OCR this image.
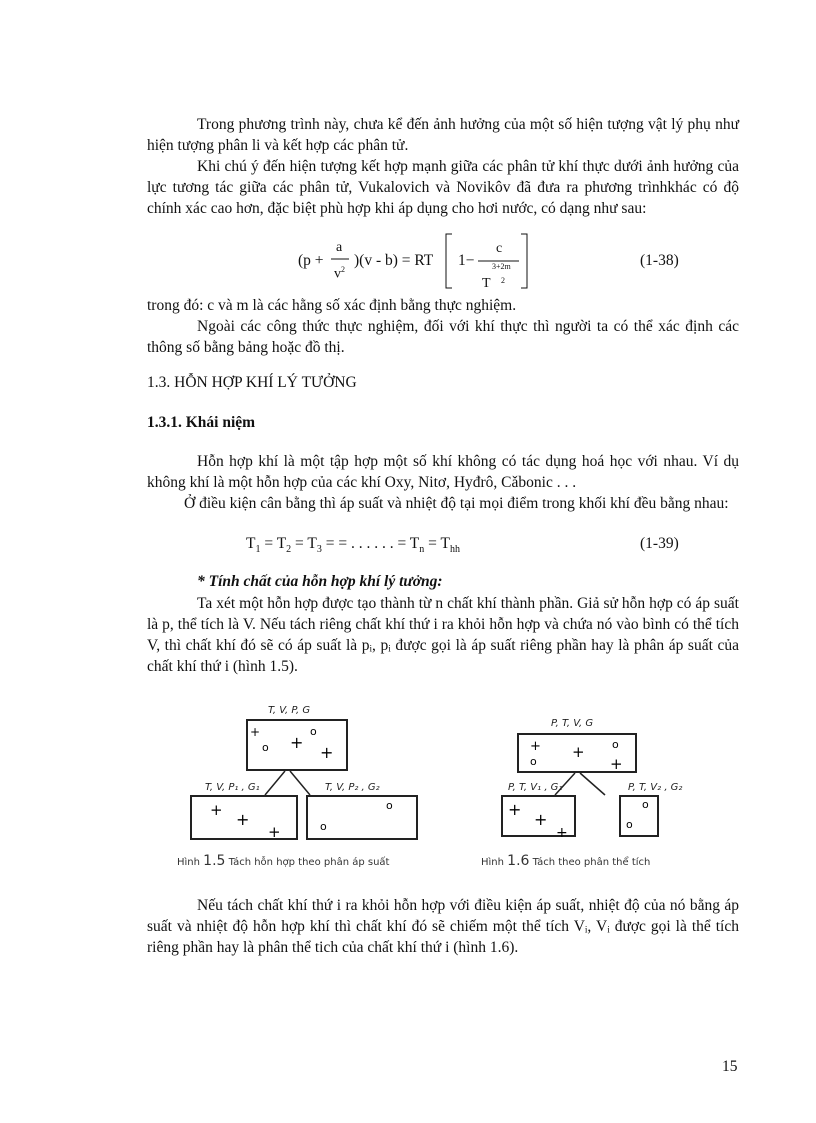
Trong phương trình này, chưa kể đến ảnh hưởng của một số hiện tượng vật lý phụ như hiện tượng phân li và kết hợp các phân tử.

Khi chú ý đến hiện tượng kết hợp mạnh giữa các phân tử khí thực dưới ảnh hưởng của lực tương tác giữa các phân tử, Vukalovich và Novikôv đã đưa ra phương trìnhkhác có độ chính xác cao hơn, đặc biệt phù hợp khi áp dụng cho hơi nước, có dạng như sau:

(p +
a
$v^2$
)(v - b) = RT 1−
c
T
3+2m
2
(1-38)

trong đó: c và m là các hằng số xác định bằng thực nghiệm.

Ngoài các công thức thực nghiệm, đối với khí thực thì người ta có thể xác định các thông số bằng bảng hoặc đồ thị.

1.3. HỖN HỢP KHÍ LÝ TƯỞNG
1.3.1. Khái niệm

Hỗn hợp khí là một tập hợp một số khí không có tác dụng hoá học với nhau. Ví dụ không khí là một hỗn hợp của các khí Oxy, Nitơ, Hyđrô, Cǎbonic . . .

Ở điều kiện cân bằng thì áp suất và nhiệt độ tại mọi điểm trong khối khí đều bằng nhau:

$T_1 = T_2 = T_3$ = = . . . . . . = $T_n = T_{hh}$	(1-39)
* Tính chất của hỗn hợp khí lý tưởng:

Ta xét một hỗn hợp được tạo thành từ n chất khí thành phần. Giả sử hỗn hợp có áp suất là p, thể tích là V. Nếu tách riêng chất khí thứ i ra khỏi hỗn hợp và chứa nó vào bình có thể tích V, thì chất khí đó sẽ có áp suất là pᵢ, pᵢ được gọi là áp suất riêng phần hay là phân áp suất của chất khí thứ i (hình 1.5).

+	o
o +
+
+ +
+
o
o
T, V, P, G
T, V, P₁ , G₁	T, V, P₂ , G₂
Hình 1.5 Tách hỗn hợp theo phân áp suất
+	o
o
+
+
+
+
+
o
o
P, T, V, G
P, T, V₁ , G₁	P, T, V₂ , G₂
Hình 1.6 Tách theo phân thể tích

Nếu tách chất khí thứ i ra khỏi hỗn hợp với điều kiện áp suất, nhiệt độ của nó bằng áp suất và nhiệt độ hỗn hợp khí thì chất khí đó sẽ chiếm một thể tích Vᵢ, Vᵢ được gọi là thể tích riêng phần hay là phân thể tich của chất khí thứ i (hình 1.6).

15
